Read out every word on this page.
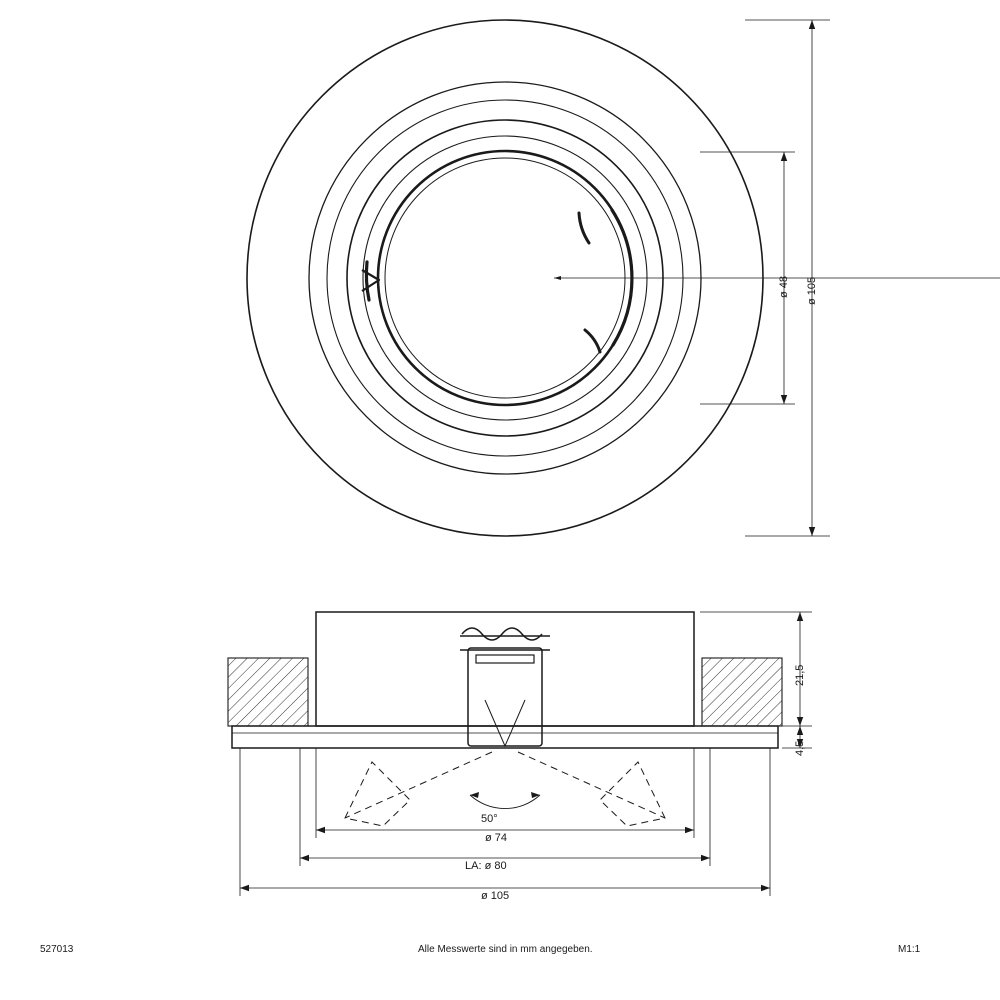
ø 48 ø 105
21,5
4,5
50°
ø 74
LA: ø 80
ø 105
527013	Alle Messwerte sind in mm angegeben.	M1:1
